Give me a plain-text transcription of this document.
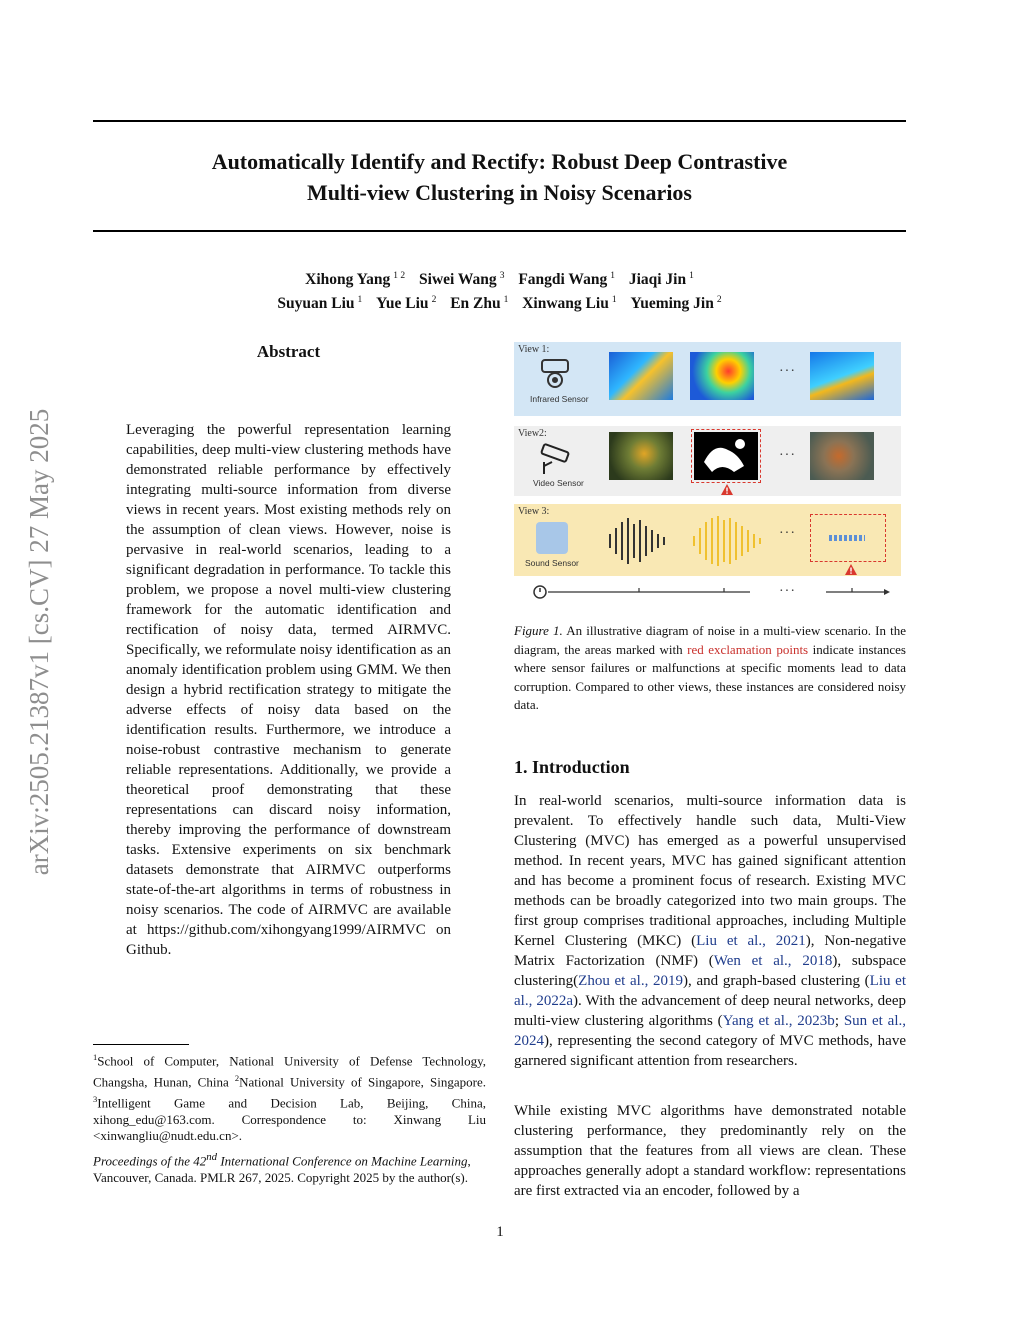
Automatically Identify and Rectify: Robust Deep Contrastive
Multi-view Clustering in Noisy Scenarios
Xihong Yang $^{1 2}$ Siwei Wang $^3$ Fangdi Wang $^1$ Jiaqi Jin $^1$
Suyuan Liu $^1$ Yue Liu $^2$ En Zhu $^1$ Xinwang Liu $^1$ Yueming Jin $^2$
arXiv:2505.21387v1 [cs.CV] 27 May 2025
Abstract
Leveraging the powerful representation learning capabilities, deep multi-view clustering methods have demonstrated reliable performance by effectively integrating multi-source information from diverse views in recent years. Most existing methods rely on the assumption of clean views. However, noise is pervasive in real-world scenarios, leading to a significant degradation in performance. To tackle this problem, we propose a novel multi-view clustering framework for the automatic identification and rectification of noisy data, termed AIRMVC. Specifically, we reformulate noisy identification as an anomaly identification problem using GMM. We then design a hybrid rectification strategy to mitigate the adverse effects of noisy data based on the identification results. Furthermore, we introduce a noise-robust contrastive mechanism to generate reliable representations. Additionally, we provide a theoretical proof demonstrating that these representations can discard noisy information, thereby improving the performance of downstream tasks. Extensive experiments on six benchmark datasets demonstrate that AIRMVC outperforms state-of-the-art algorithms in terms of robustness in noisy scenarios. The code of AIRMVC are available at https://github.com/xihongyang1999/AIRMVC on Github.
$^1$School of Computer, National University of Defense Technology, Changsha, Hunan, China $^2$National University of Singapore, Singapore. $^3$Intelligent Game and Decision Lab, Beijing, China, xihong_edu@163.com. Correspondence to: Xinwang Liu <xinwangliu@nudt.edu.cn>.
Proceedings of the 42nd International Conference on Machine Learning, Vancouver, Canada. PMLR 267, 2025. Copyright 2025 by the author(s).
View 1:
Infrared Sensor
···
View2:
Video Sensor
···
View 3:
Sound Sensor
···
···
Figure 1. An illustrative diagram of noise in a multi-view scenario. In the diagram, the areas marked with red exclamation points indicate instances where sensor failures or malfunctions at specific moments lead to data corruption. Compared to other views, these instances are considered noisy data.
1. Introduction
In real-world scenarios, multi-source information data is prevalent. To effectively handle such data, Multi-View Clustering (MVC) has emerged as a powerful unsupervised method. In recent years, MVC has gained significant attention and has become a prominent focus of research. Existing MVC methods can be broadly categorized into two main groups. The first group comprises traditional approaches, including Multiple Kernel Clustering (MKC) (Liu et al., 2021), Non-negative Matrix Factorization (NMF) (Wen et al., 2018), subspace clustering(Zhou et al., 2019), and graph-based clustering (Liu et al., 2022a). With the advancement of deep neural networks, deep multi-view clustering algorithms (Yang et al., 2023b; Sun et al., 2024), representing the second category of MVC methods, have garnered significant attention from researchers.
While existing MVC algorithms have demonstrated notable clustering performance, they predominantly rely on the assumption that the features from all views are clean. These approaches generally adopt a standard workflow: representations are first extracted via an encoder, followed by a
1
